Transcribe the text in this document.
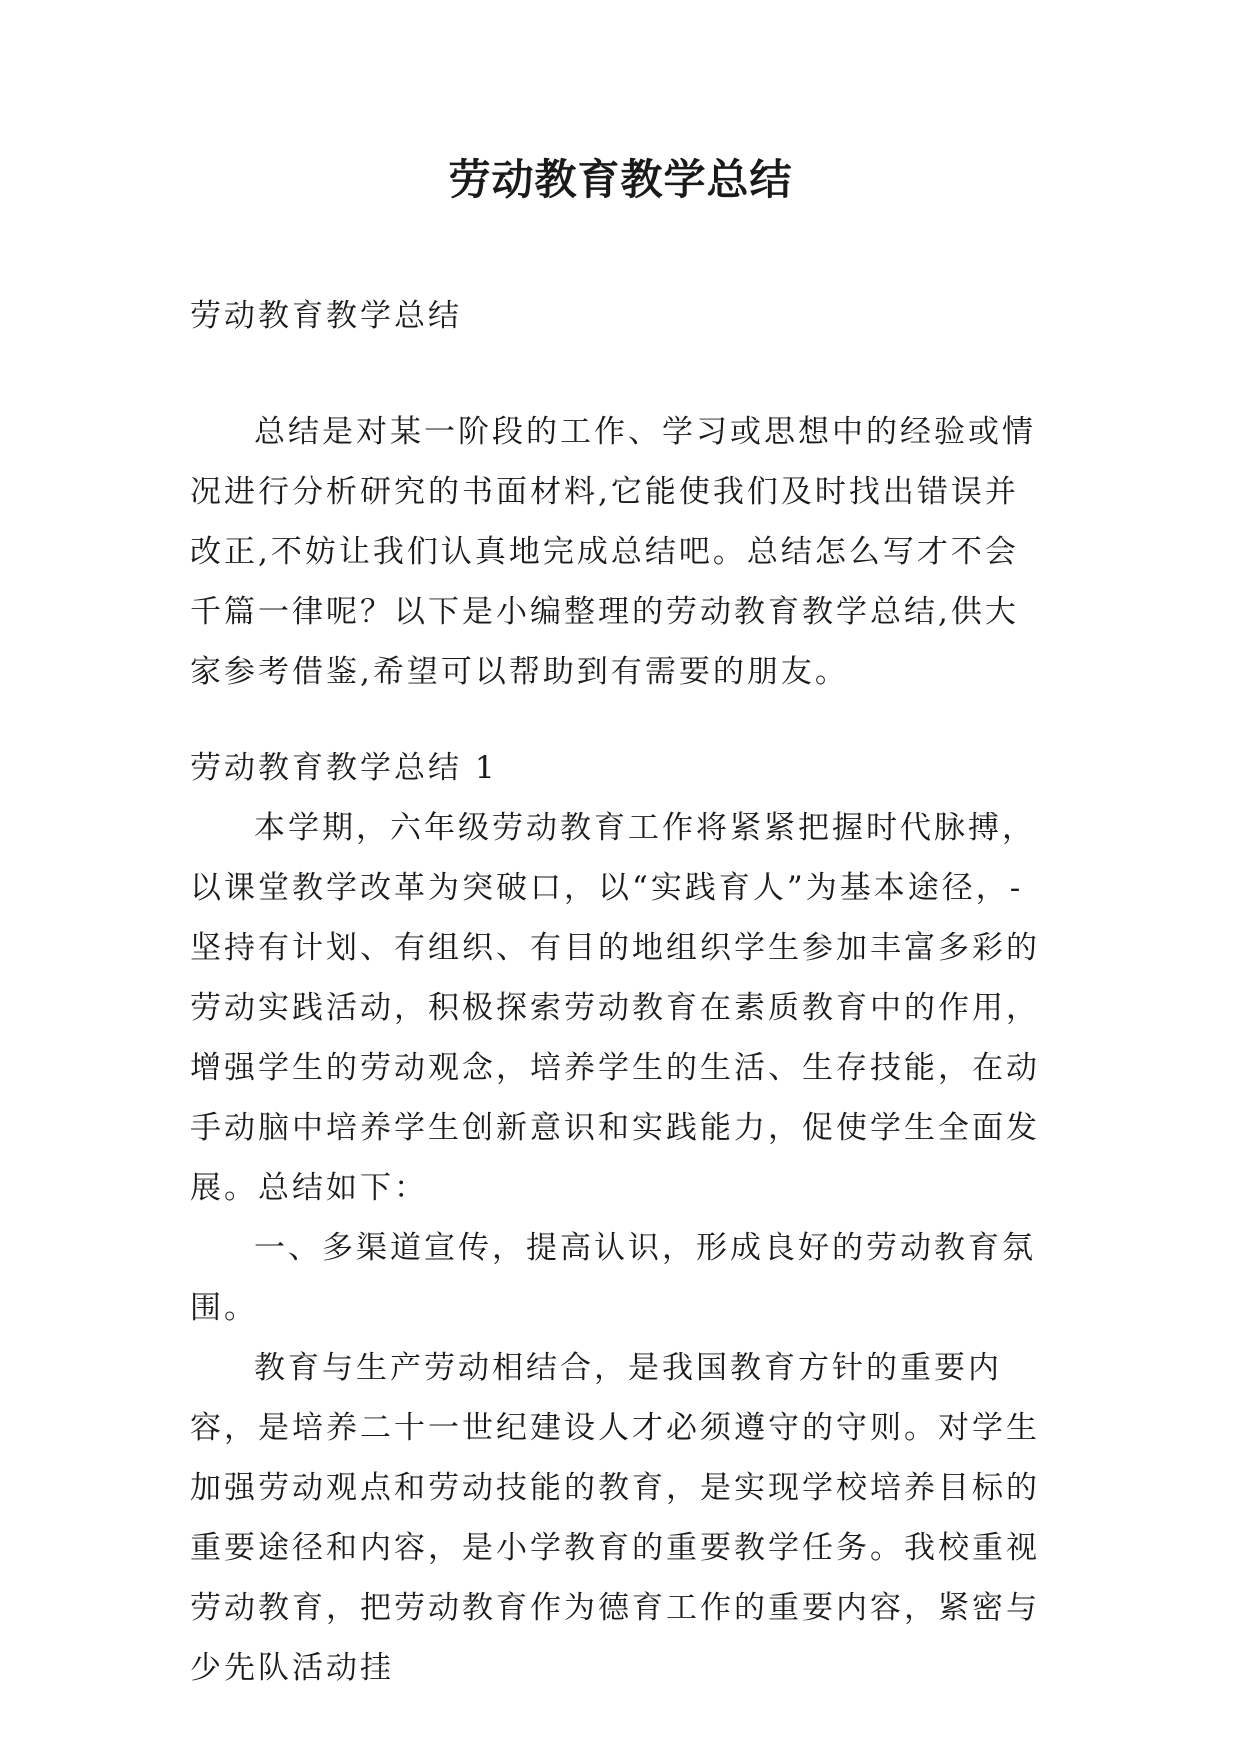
劳动教育教学总结

劳动教育教学总结

总结是对某一阶段的工作、学习或思想中的经验或情况进行分析研究的书面材料,它能使我们及时找出错误并改正,不妨让我们认真地完成总结吧。总结怎么写才不会千篇一律呢？以下是小编整理的劳动教育教学总结,供大家参考借鉴,希望可以帮助到有需要的朋友。

劳动教育教学总结 1

本学期，六年级劳动教育工作将紧紧把握时代脉搏，以课堂教学改革为突破口，以“实践育人”为基本途径，-坚持有计划、有组织、有目的地组织学生参加丰富多彩的劳动实践活动，积极探索劳动教育在素质教育中的作用，增强学生的劳动观念，培养学生的生活、生存技能，在动手动脑中培养学生创新意识和实践能力，促使学生全面发展。总结如下：

一、多渠道宣传，提高认识，形成良好的劳动教育氛围。

教育与生产劳动相结合，是我国教育方针的重要内容，是培养二十一世纪建设人才必须遵守的守则。对学生加强劳动观点和劳动技能的教育，是实现学校培养目标的重要途径和内容，是小学教育的重要教学任务。我校重视劳动教育，把劳动教育作为德育工作的重要内容，紧密与少先队活动挂
